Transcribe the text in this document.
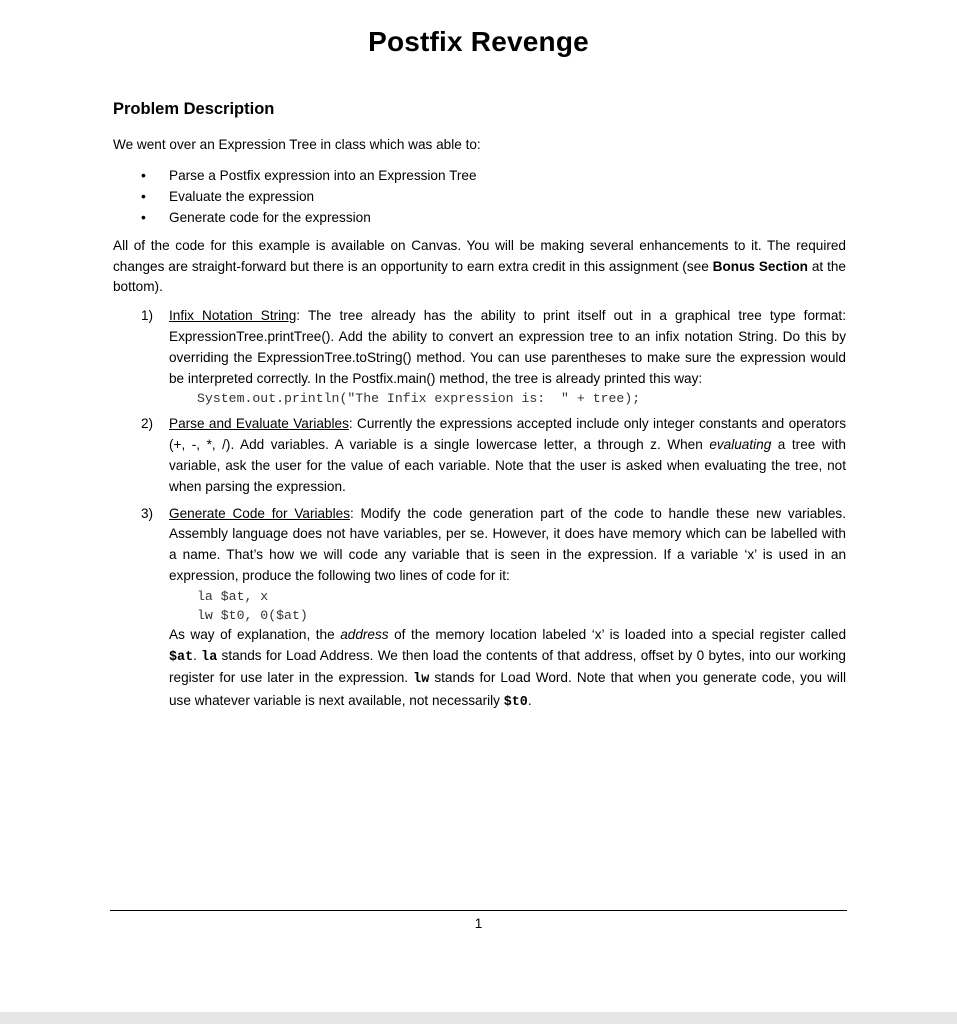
Postfix Revenge
Problem Description

We went over an Expression Tree in class which was able to:

• Parse a Postfix expression into an Expression Tree
• Evaluate the expression
• Generate code for the expression

All of the code for this example is available on Canvas. You will be making several enhancements to it. The required changes are straight-forward but there is an opportunity to earn extra credit in this assignment (see Bonus Section at the bottom).

1) Infix Notation String: The tree already has the ability to print itself out in a graphical tree type format: ExpressionTree.printTree(). Add the ability to convert an expression tree to an infix notation String. Do this by overriding the ExpressionTree.toString() method. You can use parentheses to make sure the expression would be interpreted correctly. In the Postfix.main() method, the tree is already printed this way:
System.out.println("The Infix expression is:  " + tree);
2) Parse and Evaluate Variables: Currently the expressions accepted include only integer constants and operators (+, -, *, /). Add variables. A variable is a single lowercase letter, a through z. When evaluating a tree with variable, ask the user for the value of each variable. Note that the user is asked when evaluating the tree, not when parsing the expression.
3) Generate Code for Variables: Modify the code generation part of the code to handle these new variables. Assembly language does not have variables, per se. However, it does have memory which can be labelled with a name. That’s how we will code any variable that is seen in the expression. If a variable ‘x’ is used in an expression, produce the following two lines of code for it:
la $at, x
lw $t0, 0($at)
As way of explanation, the address of the memory location labeled ‘x’ is loaded into a special register called $at. la stands for Load Address. We then load the contents of that address, offset by 0 bytes, into our working register for use later in the expression. lw stands for Load Word. Note that when you generate code, you will use whatever variable is next available, not necessarily $t0.
1
